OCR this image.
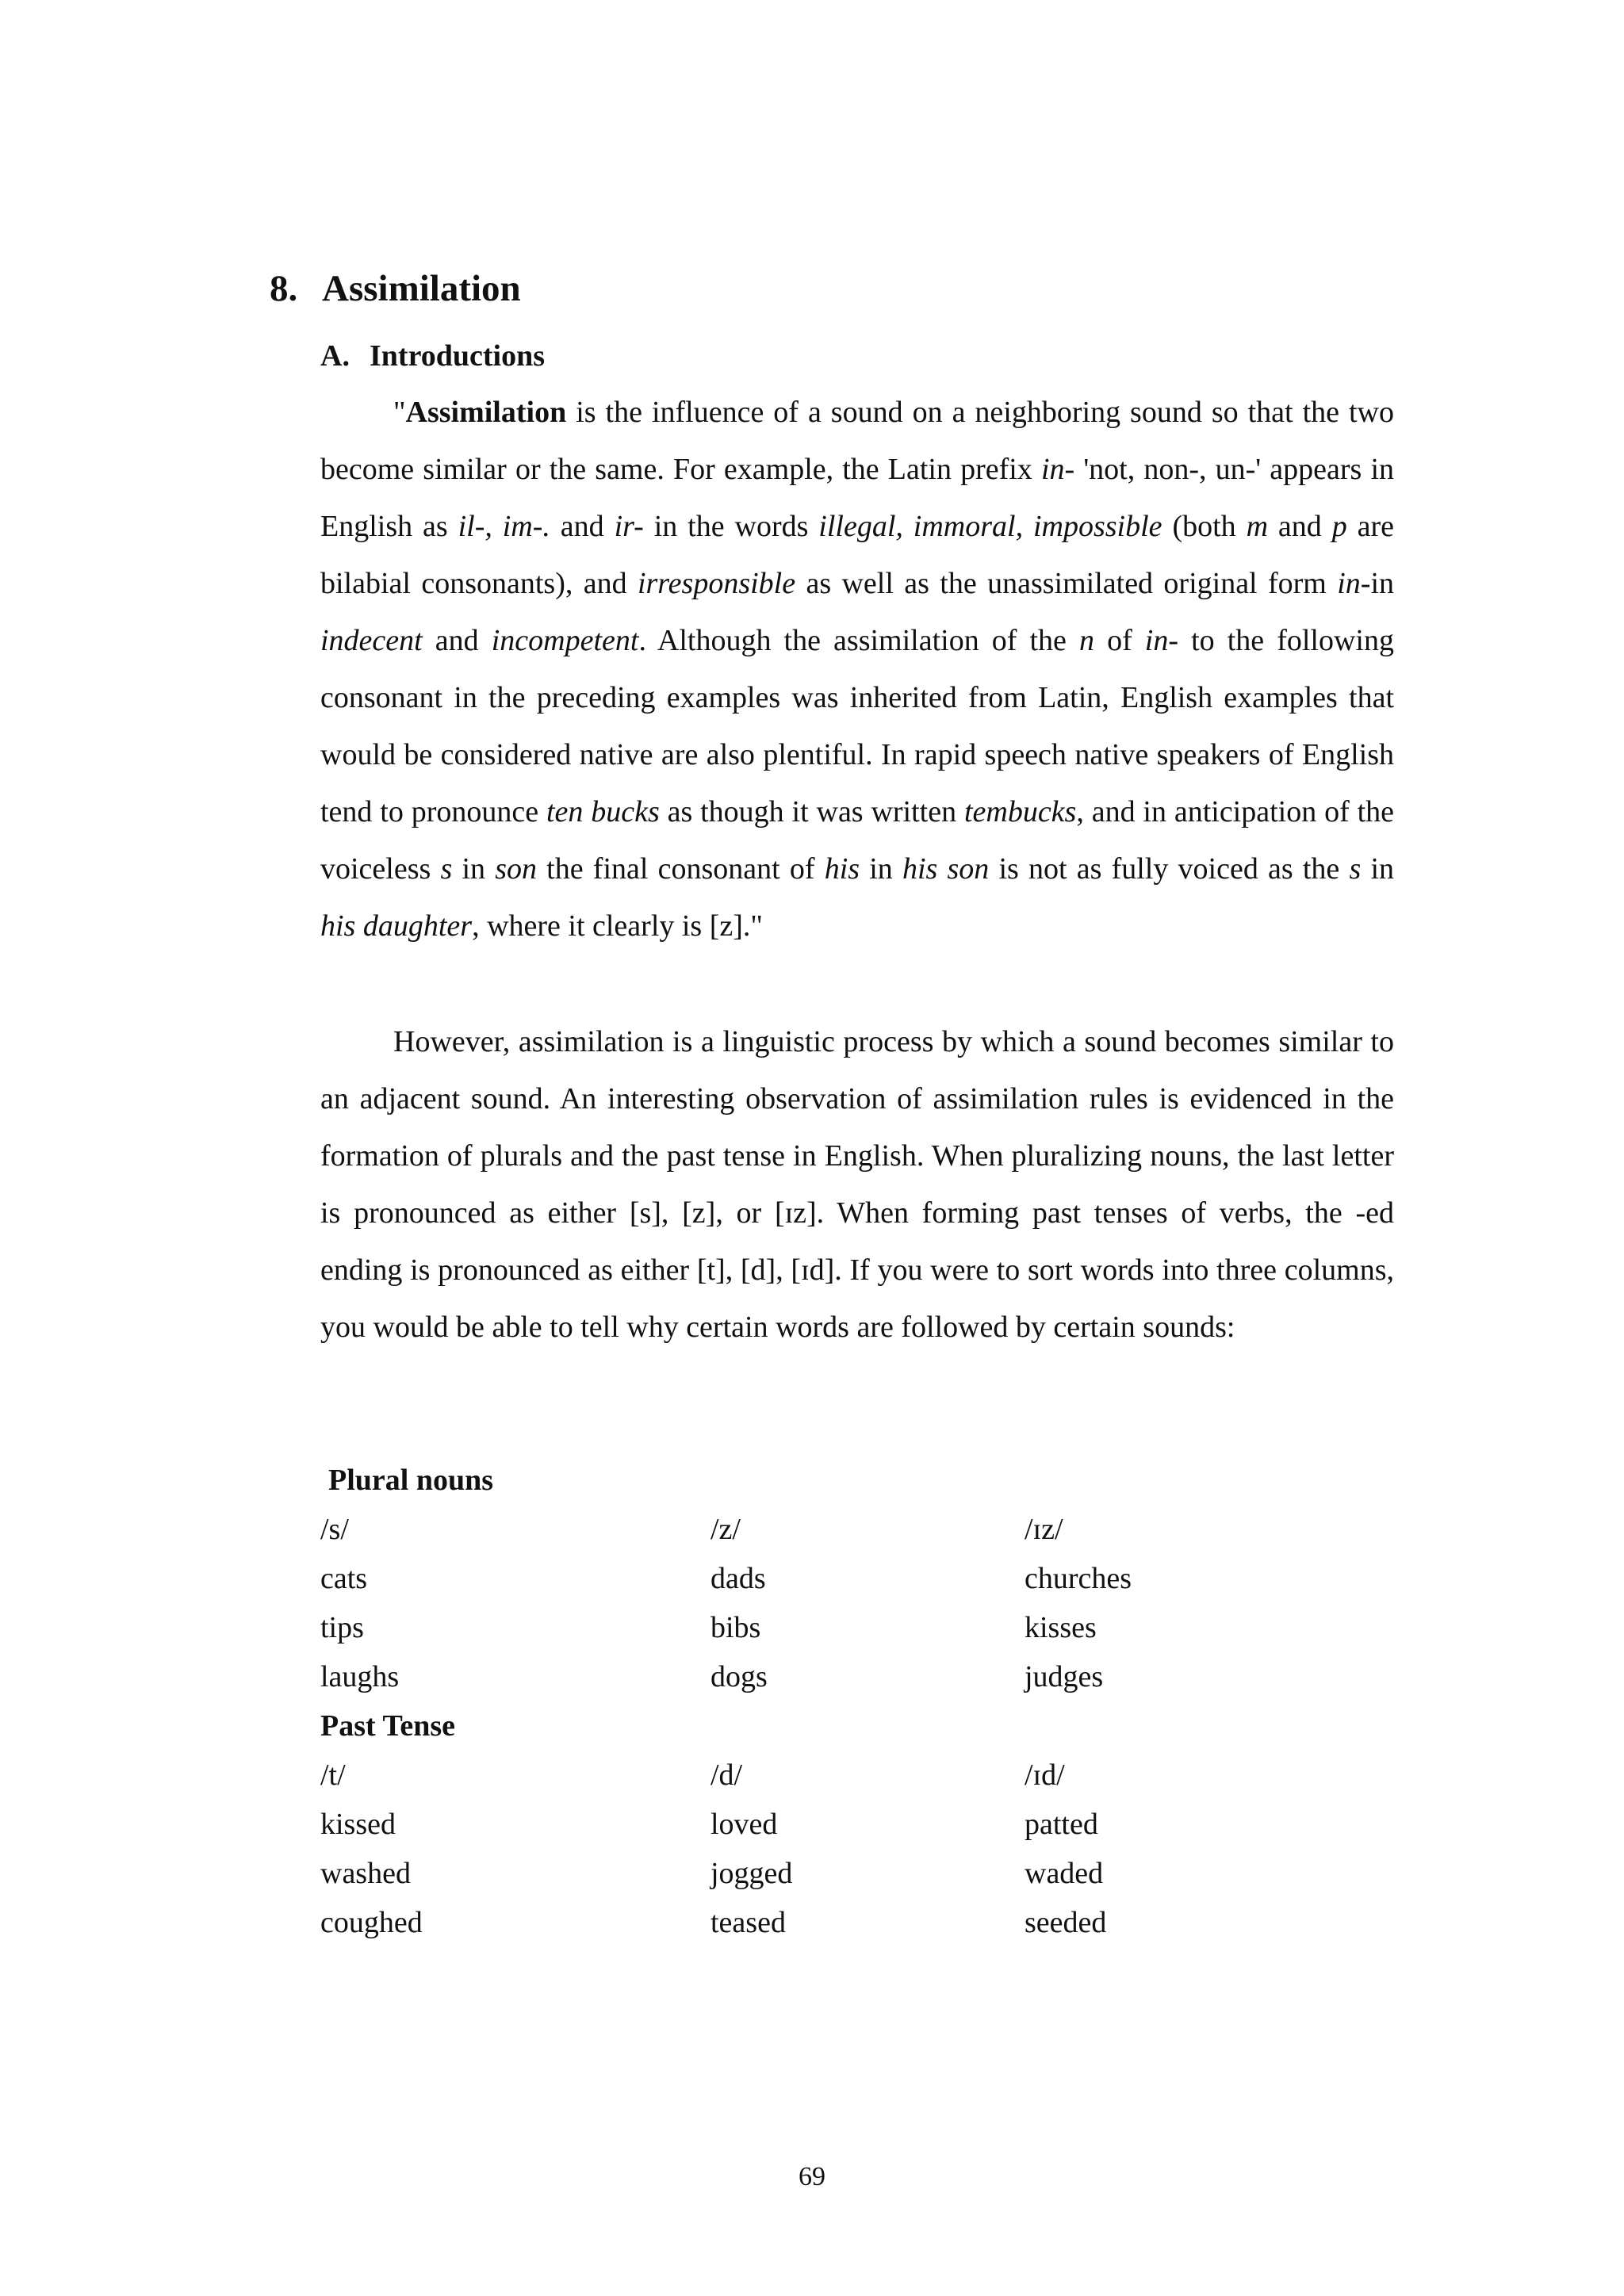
8. Assimilation
A. Introductions
"Assimilation is the influence of a sound on a neighboring sound so that the two become similar or the same. For example, the Latin prefix in- 'not, non-, un-' appears in English as il-, im-. and ir- in the words illegal, immoral, impossible (both m and p are bilabial consonants), and irresponsible as well as the unassimilated original form in-in indecent and incompetent. Although the assimilation of the n of in- to the following consonant in the preceding examples was inherited from Latin, English examples that would be considered native are also plentiful. In rapid speech native speakers of English tend to pronounce ten bucks as though it was written tembucks, and in anticipation of the voiceless s in son the final consonant of his in his son is not as fully voiced as the s in his daughter, where it clearly is [z]."
However, assimilation is a linguistic process by which a sound becomes similar to an adjacent sound. An interesting observation of assimilation rules is evidenced in the formation of plurals and the past tense in English. When pluralizing nouns, the last letter is pronounced as either [s], [z], or [ɪz]. When forming past tenses of verbs, the -ed ending is pronounced as either [t], [d], [ɪd]. If you were to sort words into three columns, you would be able to tell why certain words are followed by certain sounds:
Plural nouns
/s/	/z/	/ɪz/
cats	dads	churches
tips	bibs	kisses
laughs	dogs	judges
Past Tense
/t/	/d/	/ɪd/
kissed	loved	patted
washed	jogged	waded
coughed	teased	seeded
69
